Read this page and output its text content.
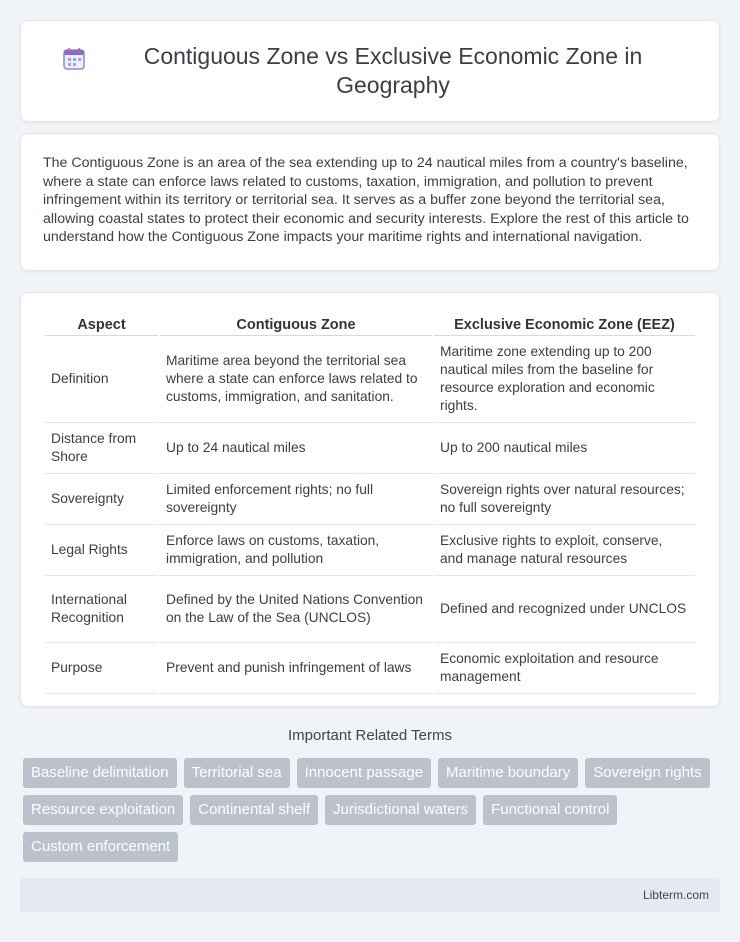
Contiguous Zone vs Exclusive Economic Zone in Geography

The Contiguous Zone is an area of the sea extending up to 24 nautical miles from a country's baseline, where a state can enforce laws related to customs, taxation, immigration, and pollution to prevent infringement within its territory or territorial sea. It serves as a buffer zone beyond the territorial sea, allowing coastal states to protect their economic and security interests. Explore the rest of this article to understand how the Contiguous Zone impacts your maritime rights and international navigation.

Aspect	Contiguous Zone	Exclusive Economic Zone (EEZ)
Definition	Maritime area beyond the territorial sea where a state can enforce laws related to customs, immigration, and sanitation.	Maritime zone extending up to 200 nautical miles from the baseline for resource exploration and economic rights.
Distance from Shore	Up to 24 nautical miles	Up to 200 nautical miles
Sovereignty	Limited enforcement rights; no full sovereignty	Sovereign rights over natural resources; no full sovereignty
Legal Rights	Enforce laws on customs, taxation, immigration, and pollution	Exclusive rights to exploit, conserve, and manage natural resources
International Recognition	Defined by the United Nations Convention on the Law of the Sea (UNCLOS)	Defined and recognized under UNCLOS
Purpose	Prevent and punish infringement of laws	Economic exploitation and resource management
Important Related Terms
Baseline delimitation	Territorial sea	Innocent passage	Maritime boundary	Sovereign rights
Resource exploitation	Continental shelf	Jurisdictional waters	Functional control
Custom enforcement
Libterm.com
